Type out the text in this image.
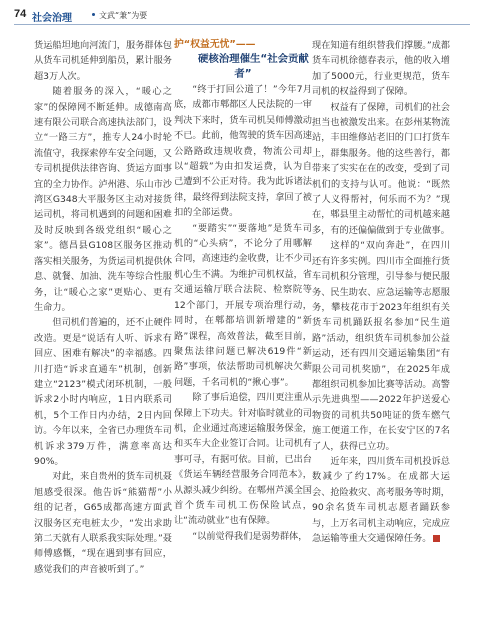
74 社会治理	文武“兼”为要

货运船坦地向河流门，服务群体包从货车司机延伸到船员，累计服务超3万人次。

随着服务的深入，“暖心之家”的保障网不断延伸。成德南高速有限公司联合高速执法部门，设立“一路三方”，推专人24小时轮流值守，我探索停车安全问题，又专司机提供法律咨询、货运方面事宜的全力协作。泸州港、乐山市沙湾区G348大平服务区主动对接货运司机，将司机遇到的问题和困难及时反映到各级党组织“暖心之家”。德昌县G108区服务区推动落实相关服务，为货运司机提供休息、就餐、加油、洗车等综合性服务，让“暖心之家”更贴心、更有生命力。

但司机们普遍的，还不止硬件改造。更是“说话有人听、诉求有回应、困难有解决”的幸福感。四川打造“诉求直通车”机制，创新建立“2123”模式闭环机制，一般诉求2小时内响应，1日内联系司机，5个工作日内办结，2日内回访。今年以来，全省已办理货车司机诉求379万件，满意率高达90%。

对此，来自贵州的货车司机聂旭感受很深。他告诉“熊猫帮”小组的记者，G65成都高速方面武汉服务区充电桩太少，“发出求助第二天就有人联系我实际处理。”聂师傅感慨，“现在遇到事有回应，感觉我们的声音被听到了。”

护“权益无忧”——

硬核治理催生“社会贡献者”

“终于打回公道了！”今年7月底，成都市郫都区人民法院的一审判决下来时，货车司机吴师傅激动不已。此前，他驾驶的货车因高速公路路政违规收费，物流公司却以“超载”为由扣发运费，认为自己遭到不公正对待。我为此诉诸法律，最终得到法院支持，拿回了被扣的全部运费。

“要踏实”“要落地”是货车司机的“心头病”，不论分了用哪解合同，高速违约金收费，让不少司机心生不满。为维护司机权益，省交通运输厅联合法院、检察院等12个部门，开展专项治理行动，同时，在郫都培训新增建的“新路”课程，高效普法，截至目前，聚焦法律问题已解决619件“新路”事项，依法帮助司机解决欠薪问题，千名司机的“揪心事”。

除了事后追偿，四川更注重从保障上下功夫。针对临时就业的司机，企业通过高速运输服务保金，和买车大企业签订合同。让司机有事可寻，有据可依。目前，已出台《货运车辆经营服务合同范本》，从源头减少纠纷。在郫州芦溪全国首个货车司机工伤保险试点，让“流动就业”也有保障。

“以前觉得我们是弱势群体，

现在知道有组织替我们撑腰。”成都货车司机徐德春表示，他的收入增加了5000元，行业更规范，货车司机的权益得到了保障。

权益有了保障，司机们的社会担当也被激发出来。在彭州某物流站，丰田维修站老旧的门口打货车上，群集服务。他的这些善行，都带来了实实在在的改变，受到了司机们的支持与认可。他说：“既然了人义得帮衬，何乐而不为？”现在，郫县里主动帮忙的司机越来越多，有的还偏偏做到于专业做事。

这样的“双向奔赴”，在四川还有许多实例。四川市全面推行货车司机积分管理，引导参与便民服务、民生助农、应急运输等志愿服务，攀枝花市于2023年组织有关货车司机踊跃报名参加“民生道路”活动，组织货车司机参加公益运动，还有四川交通运输集团“有限公司司机奖励”，在2025年成都组织司机参加比赛等活动。高警示先进典型——2022年护送爱心物资的司机共50吨证的货车燃气施工便道工作，在长安宁区的7名了人，获得已立功。

近年来，四川货车司机投诉总数减少了约17%。在成都大运会、抢险救灾、高考服务等时期，90余名货车司机志愿者踊跃参与，上万名司机主动响应，完成应急运输等重大交通保障任务。
